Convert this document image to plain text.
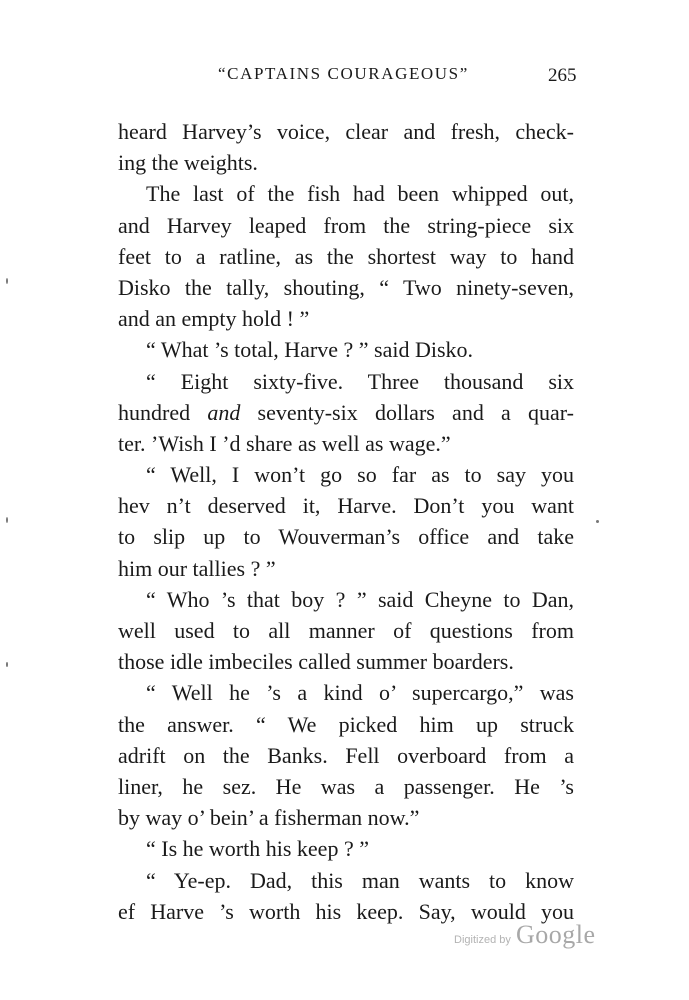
“CAPTAINS COURAGEOUS”	265
heard Harvey’s voice, clear and fresh, check-
ing the weights.
The last of the fish had been whipped out,
and Harvey leaped from the string-piece six
feet to a ratline, as the shortest way to hand
Disko the tally, shouting, “ Two ninety-seven,
and an empty hold ! ”
“ What ’s total, Harve ? ” said Disko.
“ Eight sixty-five. Three thousand six
hundred and seventy-six dollars and a quar-
ter. ’Wish I ’d share as well as wage.”
“ Well, I won’t go so far as to say you
hev n’t deserved it, Harve. Don’t you want
to slip up to Wouverman’s office and take
him our tallies ? ”
“ Who ’s that boy ? ” said Cheyne to Dan,
well used to all manner of questions from
those idle imbeciles called summer boarders.
“ Well he ’s a kind o’ supercargo,” was
the answer. “ We picked him up struck
adrift on the Banks. Fell overboard from a
liner, he sez. He was a passenger. He ’s
by way o’ bein’ a fisherman now.”
“ Is he worth his keep ? ”
“ Ye-ep. Dad, this man wants to know
ef Harve ’s worth his keep. Say, would you
Digitized by Google
